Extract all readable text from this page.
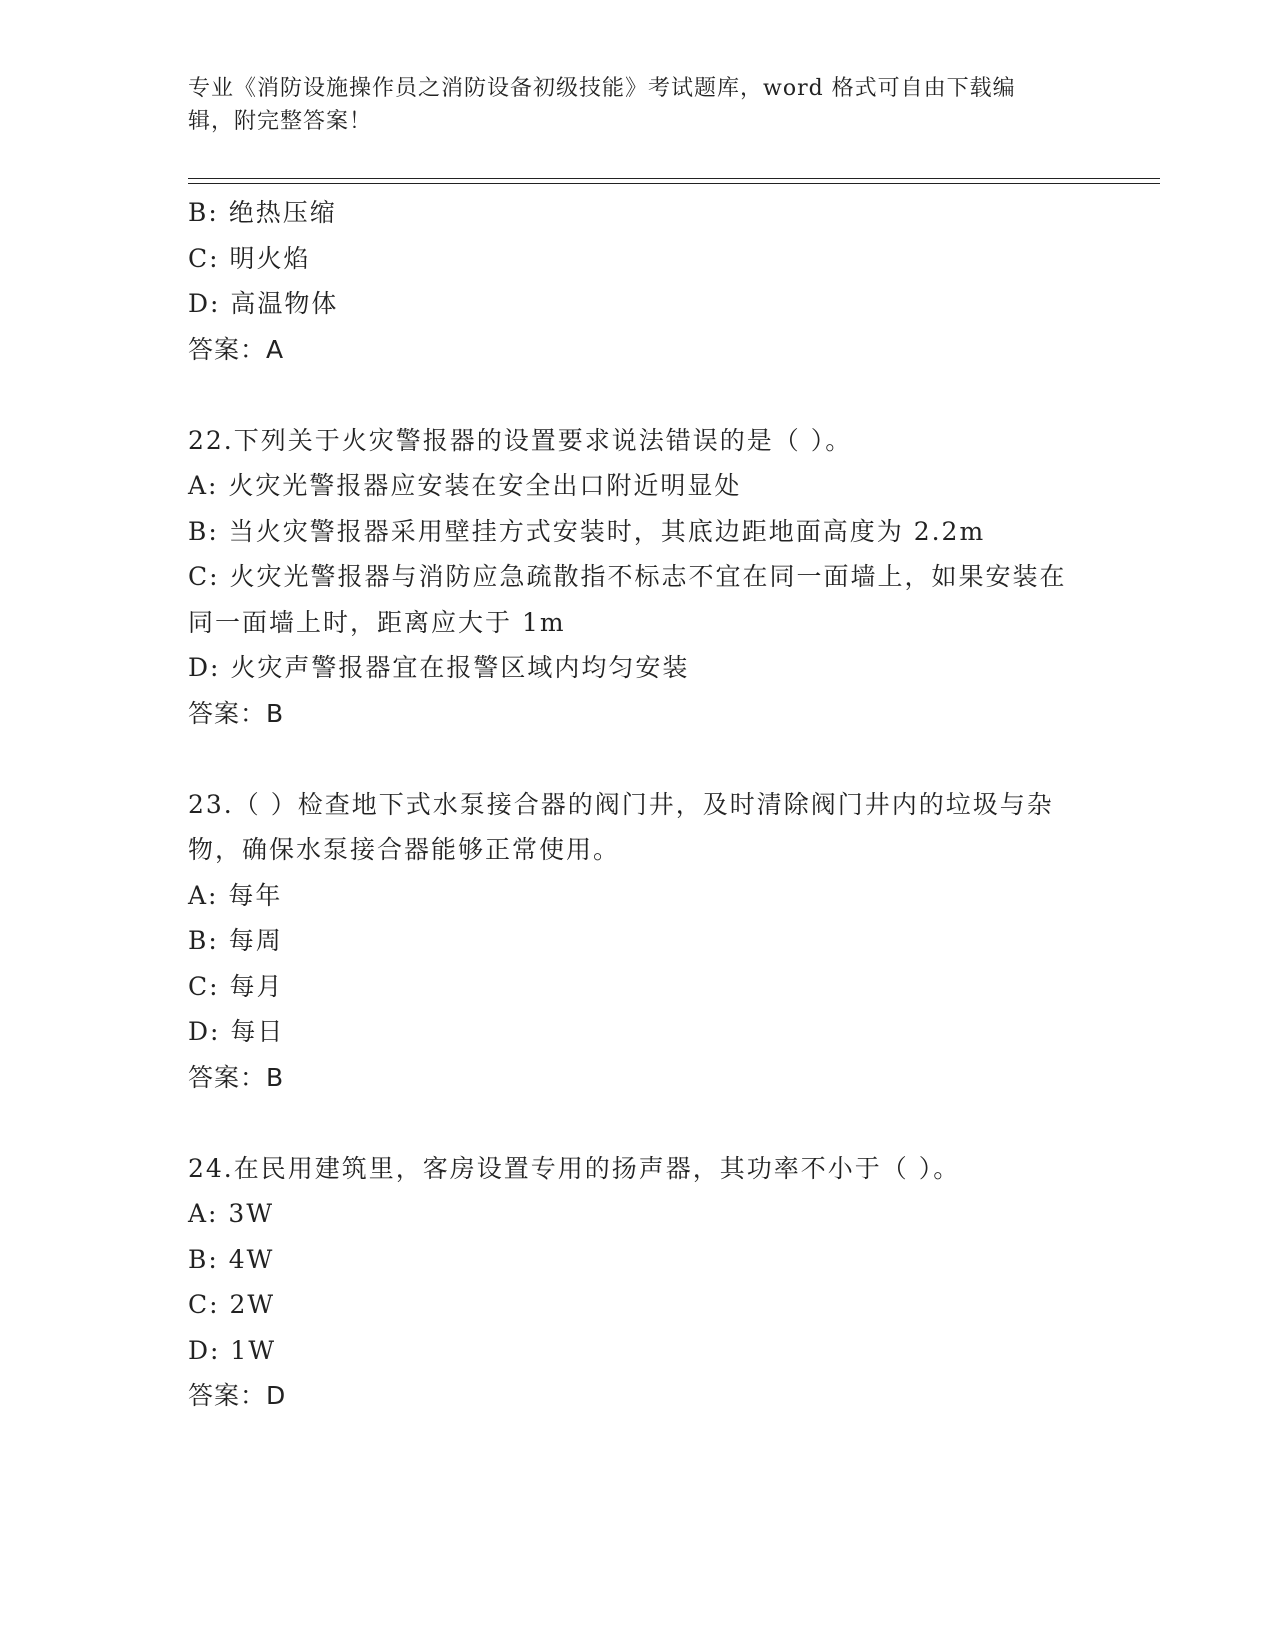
专业《消防设施操作员之消防设备初级技能》考试题库，word 格式可自由下载编
辑，附完整答案！
B: 绝热压缩
C: 明火焰
D: 高温物体
答案：A
22.下列关于火灾警报器的设置要求说法错误的是（ ）。
A: 火灾光警报器应安装在安全出口附近明显处
B: 当火灾警报器采用壁挂方式安装时，其底边距地面高度为 2.2m
C: 火灾光警报器与消防应急疏散指不标志不宜在同一面墙上，如果安装在同一面墙上时，距离应大于 1m
D: 火灾声警报器宜在报警区域内均匀安装
答案：B
23.（ ）检查地下式水泵接合器的阀门井，及时清除阀门井内的垃圾与杂物，确保水泵接合器能够正常使用。
A: 每年
B: 每周
C: 每月
D: 每日
答案：B
24.在民用建筑里，客房设置专用的扬声器，其功率不小于（ ）。
A: 3W
B: 4W
C: 2W
D: 1W
答案：D
